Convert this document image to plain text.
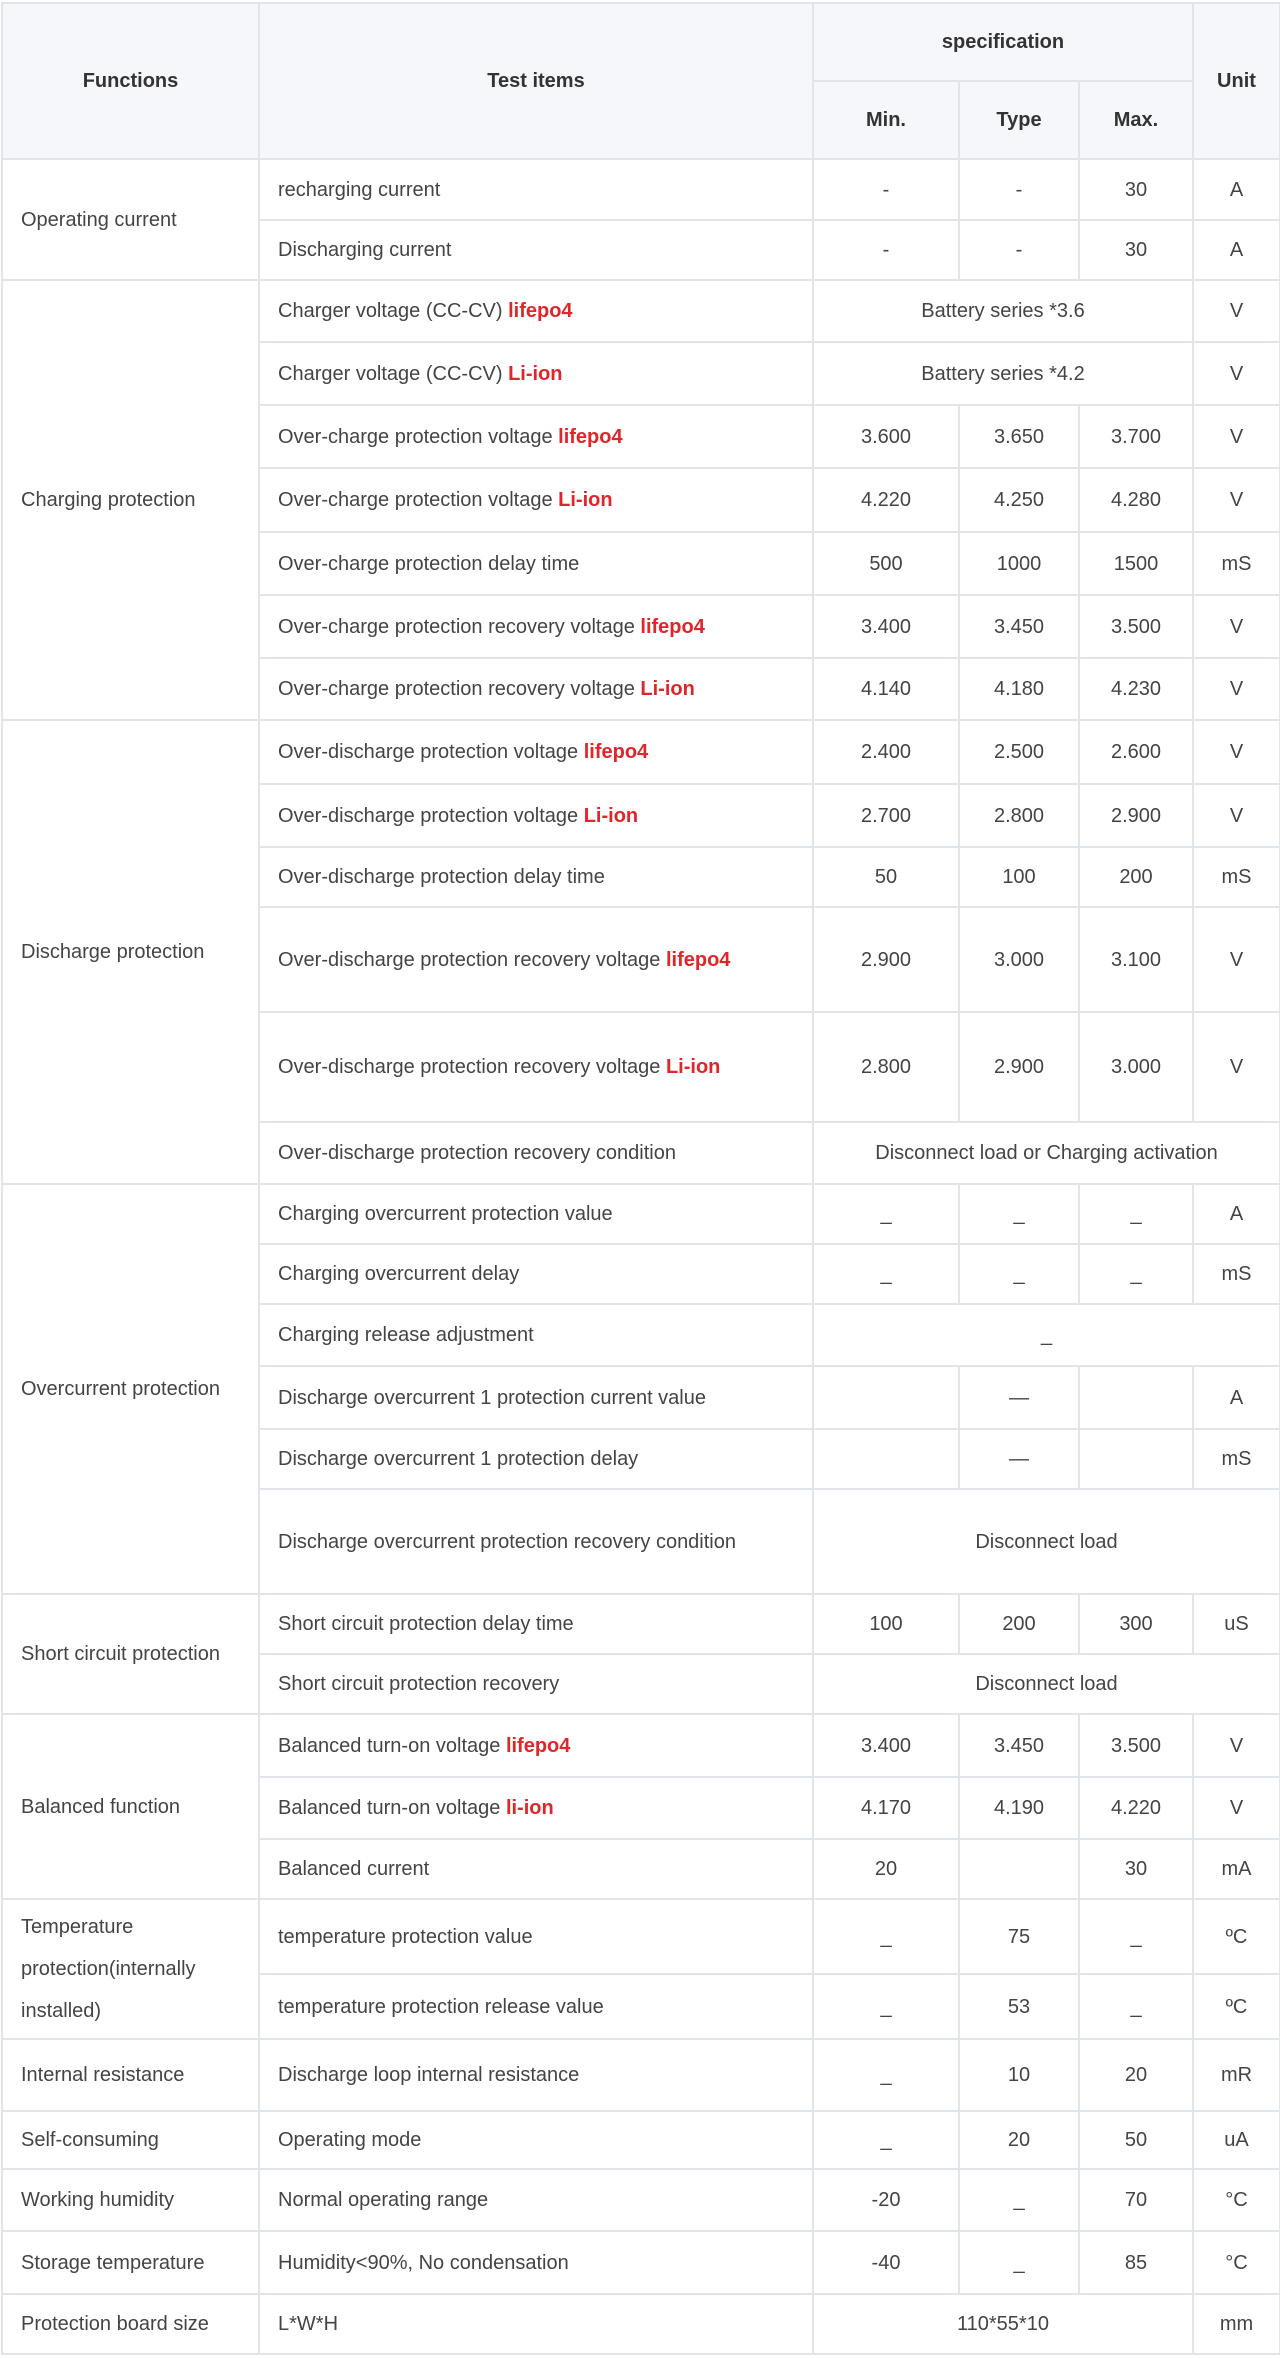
Functions	Test items	specification			Unit
		Min.	Type	Max.	
Operating current	recharging current	-	-	30	A
	Discharging current	-	-	30	A
Charging protection	Charger voltage (CC-CV) lifepo4	Battery series *3.6			V
	Charger voltage (CC-CV) Li-ion	Battery series *4.2			V
	Over-charge protection voltage lifepo4	3.600	3.650	3.700	V
	Over-charge protection voltage Li-ion	4.220	4.250	4.280	V
	Over-charge protection delay time	500	1000	1500	mS
	Over-charge protection recovery voltage lifepo4	3.400	3.450	3.500	V
	Over-charge protection recovery voltage Li-ion	4.140	4.180	4.230	V
Discharge protection	Over-discharge protection voltage lifepo4	2.400	2.500	2.600	V
	Over-discharge protection voltage Li-ion	2.700	2.800	2.900	V
	Over-discharge protection delay time	50	100	200	mS
	Over-discharge protection recovery voltage lifepo4	2.900	3.000	3.100	V
	Over-discharge protection recovery voltage Li-ion	2.800	2.900	3.000	V
	Over-discharge protection recovery condition	Disconnect load or Charging activation			
Overcurrent protection	Charging overcurrent protection value	_	_	_	A
	Charging overcurrent delay	_	_	_	mS
	Charging release adjustment	_			
	Discharge overcurrent 1 protection current value		—		A
	Discharge overcurrent 1 protection delay		—		mS
	Discharge overcurrent protection recovery condition	Disconnect load			
Short circuit protection	Short circuit protection delay time	100	200	300	uS
	Short circuit protection recovery	Disconnect load			
Balanced function	Balanced turn-on voltage lifepo4	3.400	3.450	3.500	V
	Balanced turn-on voltage li-ion	4.170	4.190	4.220	V
	Balanced current	20		30	mA
Temperature protection(internally installed)	temperature protection value	_	75	_	ºC
	temperature protection release value	_	53	_	ºC
Internal resistance	Discharge loop internal resistance	_	10	20	mR
Self-consuming	Operating mode	_	20	50	uA
Working humidity	Normal operating range	-20	_	70	°C
Storage temperature	Humidity<90%, No condensation	-40	_	85	°C
Protection board size	L*W*H	110*55*10			mm
